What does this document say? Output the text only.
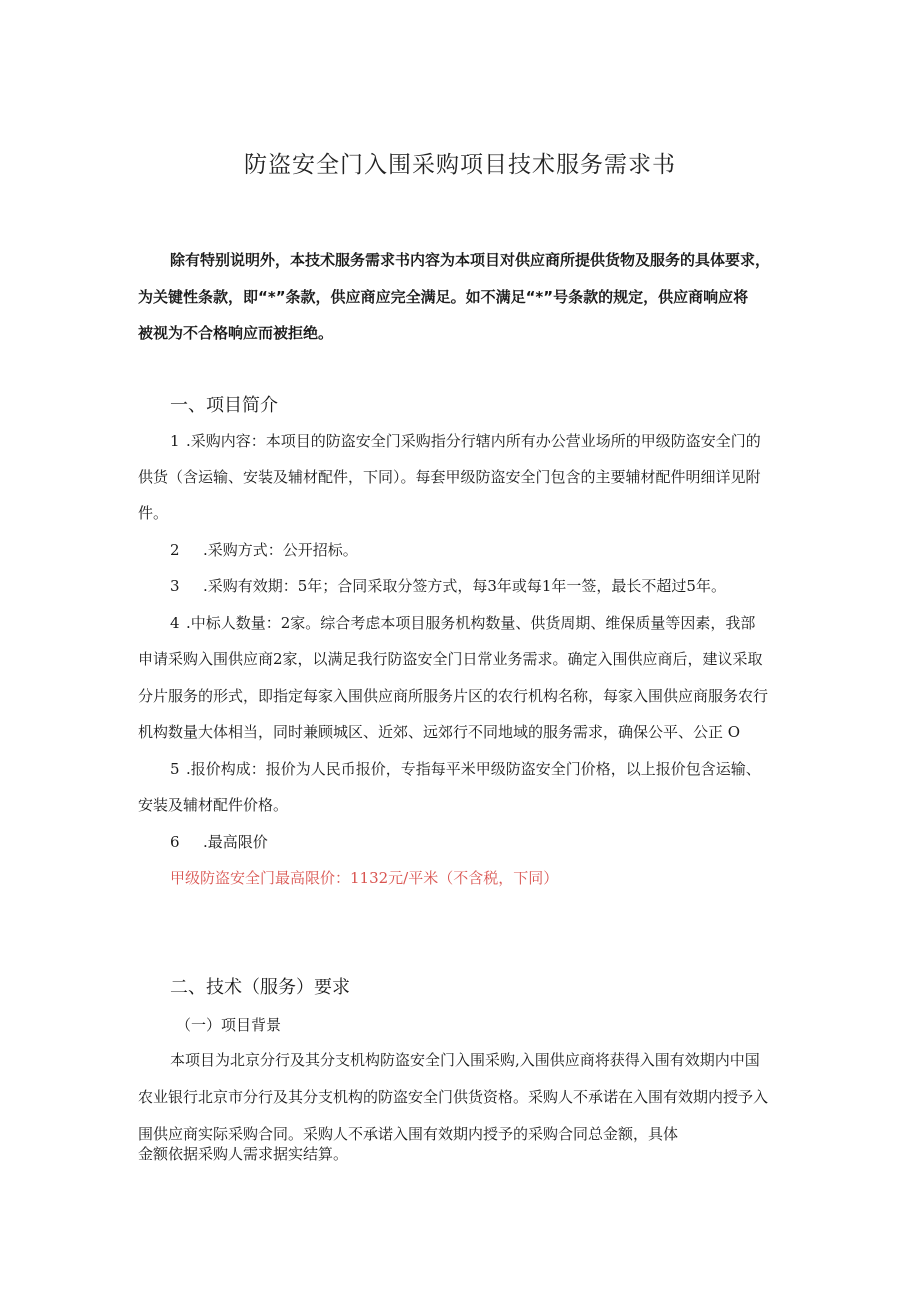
防盗安全门入围采购项目技术服务需求书
除有特别说明外，本技术服务需求书内容为本项目对供应商所提供货物及服务的具体要求，
为关键性条款，即“*”条款，供应商应完全满足。如不满足“*”号条款的规定，供应商响应将
被视为不合格响应而被拒绝。
一、项目简介
1 .采购内容：本项目的防盗安全门采购指分行辖内所有办公营业场所的甲级防盗安全门的
供货（含运输、安装及辅材配件，下同）。每套甲级防盗安全门包含的主要辅材配件明细详见附
件。
2 .采购方式：公开招标。
3 .采购有效期：5年；合同采取分签方式，每3年或每1年一签，最长不超过5年。
4 .中标人数量：2家。综合考虑本项目服务机构数量、供货周期、维保质量等因素，我部
申请采购入围供应商2家，以满足我行防盗安全门日常业务需求。确定入围供应商后，建议采取
分片服务的形式，即指定每家入围供应商所服务片区的农行机构名称，每家入围供应商服务农行
机构数量大体相当，同时兼顾城区、近郊、远郊行不同地域的服务需求，确保公平、公正 O
5 .报价构成：报价为人民币报价，专指每平米甲级防盗安全门价格，以上报价包含运输、
安装及辅材配件价格。
6 .最高限价
甲级防盗安全门最高限价：1132元/平米（不含税，下同）
二、技术（服务）要求
（一）项目背景
本项目为北京分行及其分支机构防盗安全门入围采购,入围供应商将获得入围有效期内中国
农业银行北京市分行及其分支机构的防盗安全门供货资格。采购人不承诺在入围有效期内授予入
围供应商实际采购合同。采购人不承诺入围有效期内授予的采购合同总金额，具体
金额依据采购人需求据实结算。
